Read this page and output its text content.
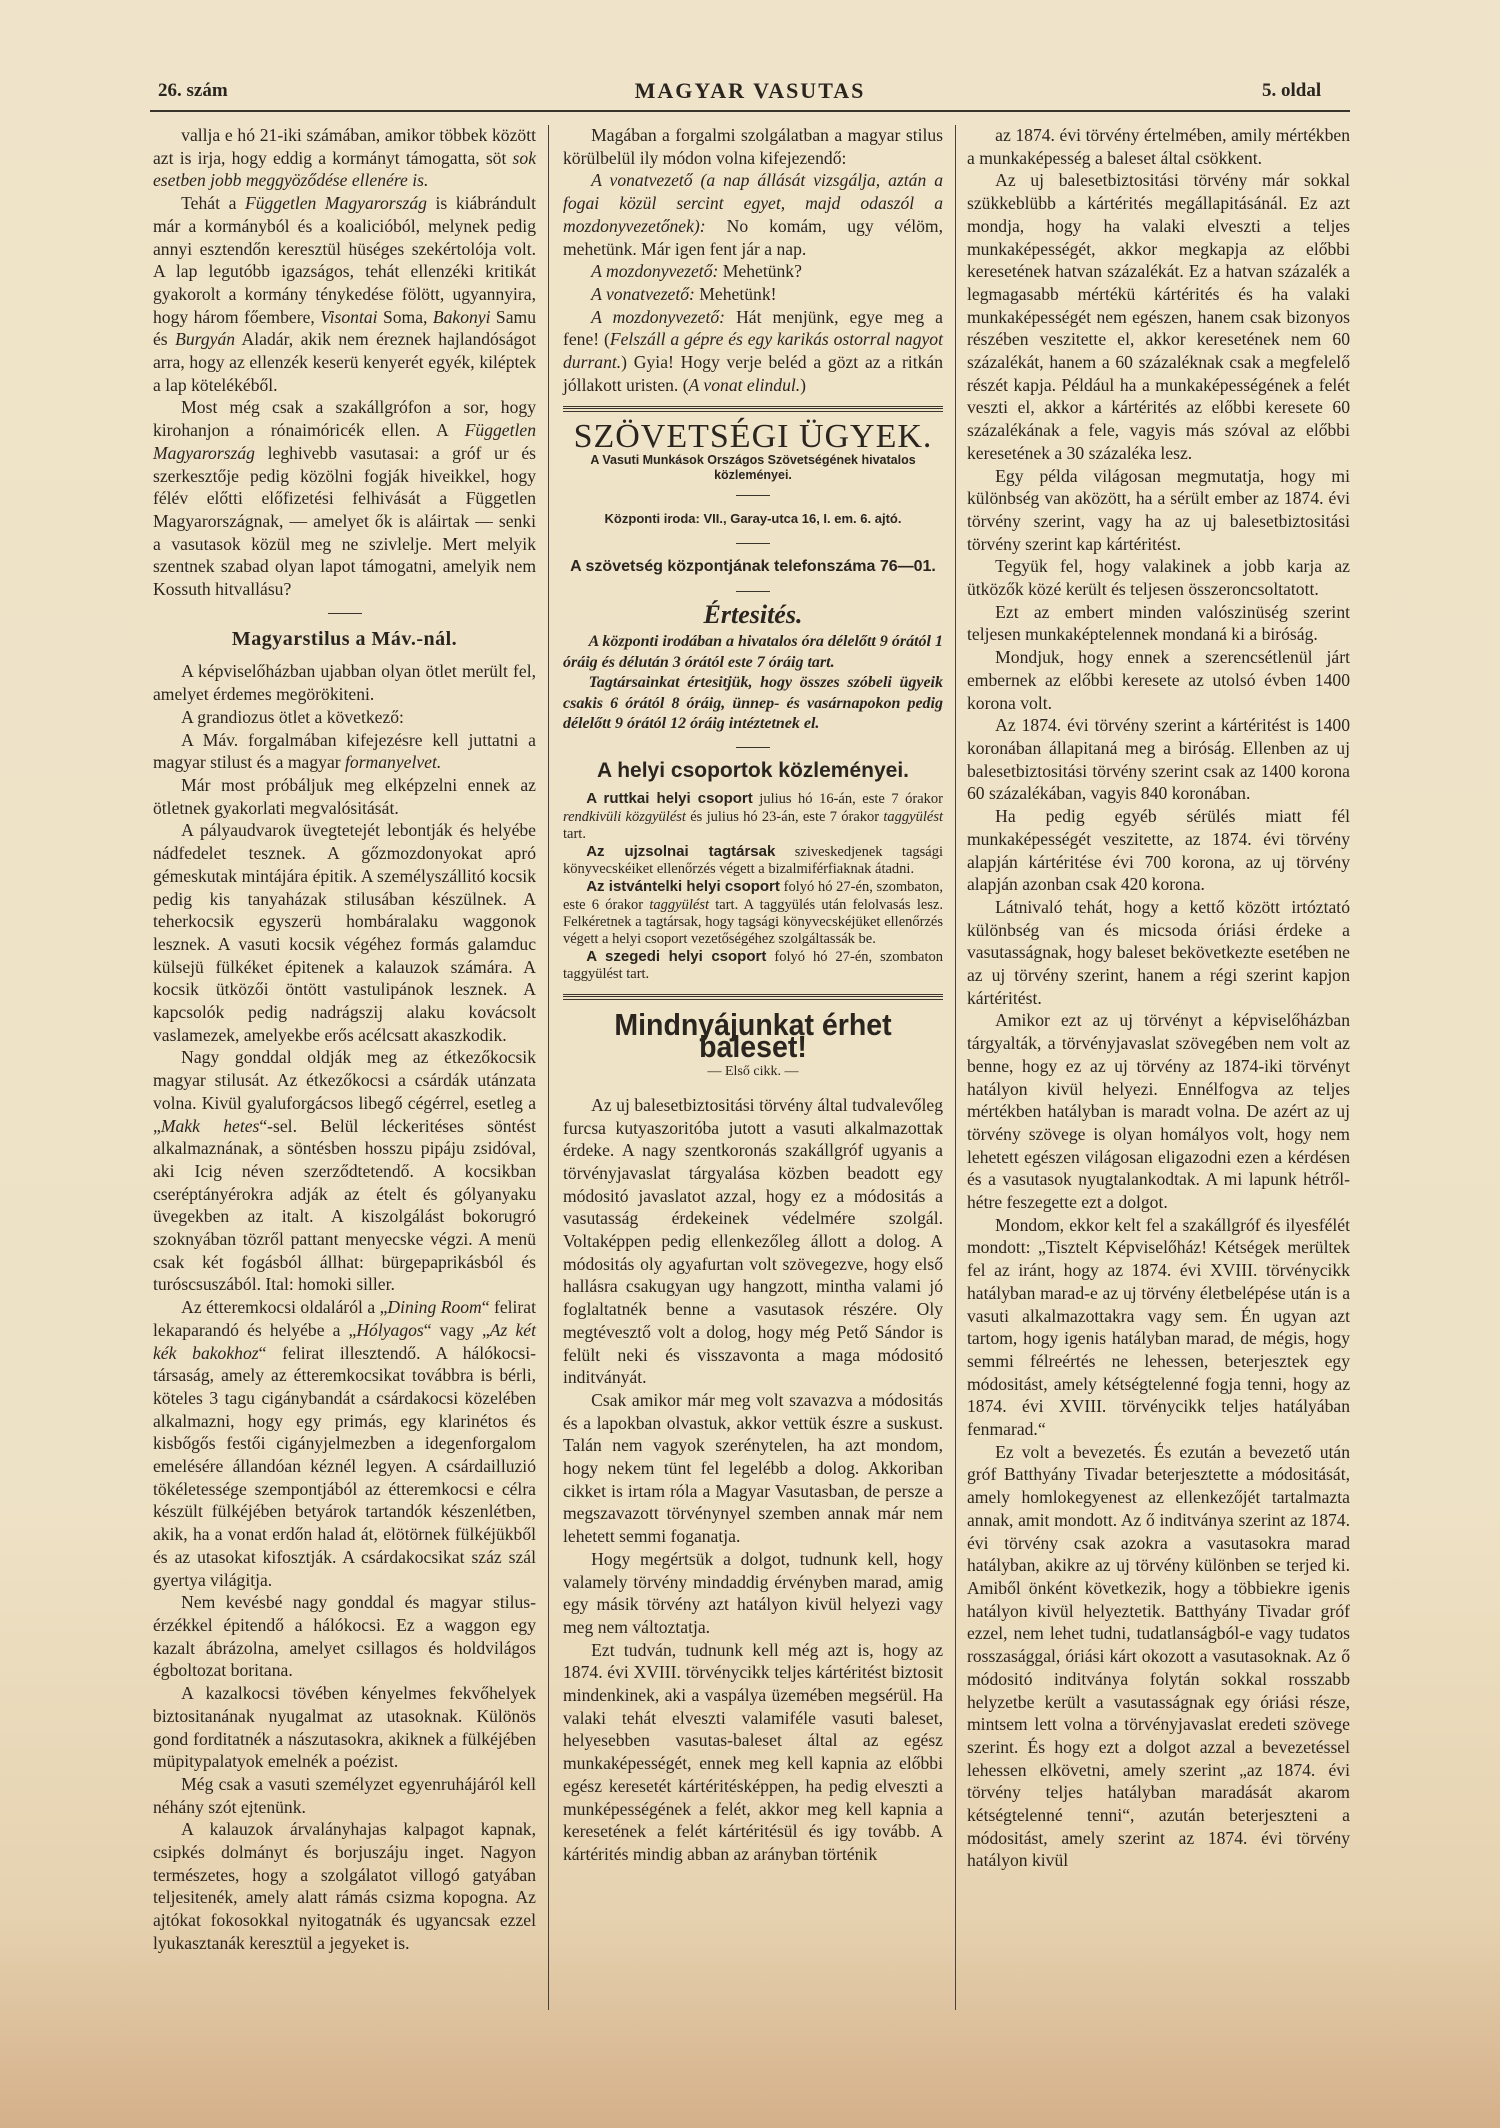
26. szám	MAGYAR VASUTAS	5. oldal

vallja e hó 21-iki számában, amikor többek között azt is irja, hogy eddig a kormányt támogatta, söt sok esetben jobb meggyöződése ellenére is.

Tehát a Független Magyarország is kiábrándult már a kormányból és a koalicióból, melynek pedig annyi esztendőn keresztül hüséges szekértolója volt. A lap legutóbb igazságos, tehát ellenzéki kritikát gyakorolt a kormány ténykedése fölött, ugyannyira, hogy három főembere, Visontai Soma, Bakonyi Samu és Burgyán Aladár, akik nem éreznek hajlandóságot arra, hogy az ellenzék keserü kenyerét egyék, kiléptek a lap kötelékéből.

Most még csak a szakállgrófon a sor, hogy kirohanjon a rónaimóricék ellen. A Független Magyarország leghivebb vasutasai: a gróf ur és szerkesztője pedig közölni fogják hiveikkel, hogy félév előtti előfizetési felhivását a Független Magyarországnak, — amelyet ők is aláirtak — senki a vasutasok közül meg ne szivlelje. Mert melyik szentnek szabad olyan lapot támogatni, amelyik nem Kossuth hitvallásu?

Magyarstilus a Máv.-nál.

A képviselőházban ujabban olyan ötlet merült fel, amelyet érdemes megörökiteni.

A grandiozus ötlet a következő:

A Máv. forgalmában kifejezésre kell juttatni a magyar stilust és a magyar formanyelvet.

Már most próbáljuk meg elképzelni ennek az ötletnek gyakorlati megvalósitását.

A pályaudvarok üvegtetejét lebontják és helyébe nádfedelet tesznek. A gőzmozdonyokat apró gémeskutak mintájára épitik. A személyszállitó kocsik pedig kis tanyaházak stilusában készülnek. A teherkocsik egyszerü hombáralaku waggonok lesznek. A vasuti kocsik végéhez formás galamduc külsejü fülkéket épitenek a kalauzok számára. A kocsik ütközői öntött vastulipánok lesznek. A kapcsolók pedig nadrágszij alaku kovácsolt vaslamezek, amelyekbe erős acélcsatt akaszkodik.

Nagy gonddal oldják meg az étkezőkocsik magyar stilusát. Az étkezőkocsi a csárdák utánzata volna. Kivül gyaluforgácsos libegő cégérrel, esetleg a „Makk hetes“-sel. Belül léckeritéses söntést alkalmaznának, a söntésben hosszu pipáju zsidóval, aki Icig néven szerződtetendő. A kocsikban cseréptányérokra adják az ételt és gólyanyaku üvegekben az italt. A kiszolgálást bokorugró szoknyában tözről pattant menyecske végzi. A menü csak két fogásból állhat: bürgepaprikásból és turóscsuszából. Ital: homoki siller.

Az étteremkocsi oldaláról a „Dining Room“ felirat lekaparandó és helyébe a „Hólyagos“ vagy „Az két kék bakokhoz“ felirat illesztendő. A hálókocsi-társaság, amely az étteremkocsikat továbbra is bérli, köteles 3 tagu cigánybandát a csárdakocsi közelében alkalmazni, hogy egy primás, egy klarinétos és kisbőgős festői cigányjelmezben a idegenforgalom emelésére állandóan kéznél legyen. A csárdailluzió tökéletessége szempontjából az étteremkocsi e célra készült fülkéjében betyárok tartandók készenlétben, akik, ha a vonat erdőn halad át, elötörnek fülkéjükből és az utasokat kifosztják. A csárdakocsikat száz szál gyertya világitja.

Nem kevésbé nagy gonddal és magyar stilus-érzékkel épitendő a hálókocsi. Ez a waggon egy kazalt ábrázolna, amelyet csillagos és holdvilágos égboltozat boritana.

A kazalkocsi tövében kényelmes fekvőhelyek biztositanának nyugalmat az utasoknak. Különös gond forditatnék a nászutasokra, akiknek a fülkéjében müpitypalatyok emelnék a poézist.

Még csak a vasuti személyzet egyenruhájáról kell néhány szót ejtenünk.

A kalauzok árvalányhajas kalpagot kapnak, csipkés dolmányt és borjuszáju inget. Nagyon természetes, hogy a szolgálatot villogó gatyában teljesitenék, amely alatt rámás csizma kopogna. Az ajtókat fokosokkal nyitogatnák és ugyancsak ezzel lyukasztanák keresztül a jegyeket is.

Magában a forgalmi szolgálatban a magyar stilus körülbelül ily módon volna kifejezendő:

A vonatvezető (a nap állását vizsgálja, aztán a fogai közül sercint egyet, majd odaszól a mozdonyvezetőnek): No komám, ugy vélöm, mehetünk. Már igen fent jár a nap.

A mozdonyvezető: Mehetünk?

A vonatvezető: Mehetünk!

A mozdonyvezető: Hát menjünk, egye meg a fene! (Felszáll a gépre és egy karikás ostorral nagyot durrant.) Gyia! Hogy verje beléd a gözt az a ritkán jóllakott uristen. (A vonat elindul.)

SZÖVETSÉGI ÜGYEK.
A Vasuti Munkások Országos Szövetségének hivatalos közleményei.
Központi iroda: VII., Garay-utca 16, I. em. 6. ajtó.
A szövetség központjának telefonszáma 76—01.
Értesités.

A központi irodában a hivatalos óra délelőtt 9 órától 1 óráig és délután 3 órától este 7 óráig tart.

Tagtársainkat értesitjük, hogy összes szóbeli ügyeik csakis 6 órától 8 óráig, ünnep- és vasárnapokon pedig délelőtt 9 órától 12 óráig intéztetnek el.

A helyi csoportok közleményei.

A ruttkai helyi csoport julius hó 16-án, este 7 órakor rendkivüli közgyülést és julius hó 23-án, este 7 órakor taggyülést tart.

Az ujzsolnai tagtársak sziveskedjenek tagsági könyvecskéiket ellenőrzés végett a bizalmiférfiaknak átadni.

Az istvántelki helyi csoport folyó hó 27-én, szombaton, este 6 órakor taggyülést tart. A taggyülés után felolvasás lesz. Felkéretnek a tagtársak, hogy tagsági könyvecskéjüket ellenőrzés végett a helyi csoport vezetőségéhez szolgáltassák be.

A szegedi helyi csoport folyó hó 27-én, szombaton taggyülést tart.

Mindnyájunkat érhet baleset!
— Első cikk. —

Az uj balesetbiztositási törvény által tudvalevőleg furcsa kutyaszoritóba jutott a vasuti alkalmazottak érdeke. A nagy szentkoronás szakállgróf ugyanis a törvényjavaslat tárgyalása közben beadott egy módositó javaslatot azzal, hogy ez a módositás a vasutasság érdekeinek védelmére szolgál. Voltaképpen pedig ellenkezőleg állott a dolog. A módositás oly agyafurtan volt szövegezve, hogy első hallásra csakugyan ugy hangzott, mintha valami jó foglaltatnék benne a vasutasok részére. Oly megtévesztő volt a dolog, hogy még Pető Sándor is felült neki és visszavonta a maga módositó inditványát.

Csak amikor már meg volt szavazva a módositás és a lapokban olvastuk, akkor vettük észre a suskust. Talán nem vagyok szerénytelen, ha azt mondom, hogy nekem tünt fel legelébb a dolog. Akkoriban cikket is irtam róla a Magyar Vasutasban, de persze a megszavazott törvénynyel szemben annak már nem lehetett semmi foganatja.

Hogy megértsük a dolgot, tudnunk kell, hogy valamely törvény mindaddig érvényben marad, amig egy másik törvény azt hatályon kivül helyezi vagy meg nem változtatja.

Ezt tudván, tudnunk kell még azt is, hogy az 1874. évi XVIII. törvénycikk teljes kártéritést biztosit mindenkinek, aki a vaspálya üzemében megsérül. Ha valaki tehát elveszti valamiféle vasuti baleset, helyesebben vasutas-baleset által az egész munkaképességét, ennek meg kell kapnia az előbbi egész keresetét kártéritésképpen, ha pedig elveszti a munképességének a felét, akkor meg kell kapnia a keresetének a felét kártéritésül és igy tovább. A kártérités mindig abban az arányban történik

az 1874. évi törvény értelmében, amily mértékben a munkaképesség a baleset által csökkent.

Az uj balesetbiztositási törvény már sokkal szükkeblübb a kártérités megállapitásánál. Ez azt mondja, hogy ha valaki elveszti a teljes munkaképességét, akkor megkapja az előbbi keresetének hatvan százalékát. Ez a hatvan százalék a legmagasabb mértékü kártérités és ha valaki munkaképességét nem egészen, hanem csak bizonyos részében veszitette el, akkor keresetének nem 60 százalékát, hanem a 60 százaléknak csak a megfelelő részét kapja. Például ha a munkaképességének a felét veszti el, akkor a kártérités az előbbi keresete 60 százalékának a fele, vagyis más szóval az előbbi keresetének a 30 százaléka lesz.

Egy példa világosan megmutatja, hogy mi különbség van aközött, ha a sérült ember az 1874. évi törvény szerint, vagy ha az uj balesetbiztositási törvény szerint kap kártéritést.

Tegyük fel, hogy valakinek a jobb karja az ütközők közé került és teljesen összeroncsoltatott.

Ezt az embert minden valószinüség szerint teljesen munkaképtelennek mondaná ki a biróság.

Mondjuk, hogy ennek a szerencsétlenül járt embernek az előbbi keresete az utolsó évben 1400 korona volt.

Az 1874. évi törvény szerint a kártéritést is 1400 koronában állapitaná meg a biróság. Ellenben az uj balesetbiztositási törvény szerint csak az 1400 korona 60 százalékában, vagyis 840 koronában.

Ha pedig egyéb sérülés miatt fél munkaképességét veszitette, az 1874. évi törvény alapján kártéritése évi 700 korona, az uj törvény alapján azonban csak 420 korona.

Látnivaló tehát, hogy a kettő között irtóztató különbség van és micsoda óriási érdeke a vasutasságnak, hogy baleset bekövetkezte esetében ne az uj törvény szerint, hanem a régi szerint kapjon kártéritést.

Amikor ezt az uj törvényt a képviselőházban tárgyalták, a törvényjavaslat szövegében nem volt az benne, hogy ez az uj törvény az 1874-iki törvényt hatályon kivül helyezi. Ennélfogva az teljes mértékben hatályban is maradt volna. De azért az uj törvény szövege is olyan homályos volt, hogy nem lehetett egészen világosan eligazodni ezen a kérdésen és a vasutasok nyugtalankodtak. A mi lapunk hétről-hétre feszegette ezt a dolgot.

Mondom, ekkor kelt fel a szakállgróf és ilyesfélét mondott: „Tisztelt Képviselőház! Kétségek merültek fel az iránt, hogy az 1874. évi XVIII. törvénycikk hatályban marad-e az uj törvény életbelépése után is a vasuti alkalmazottakra vagy sem. Én ugyan azt tartom, hogy igenis hatályban marad, de mégis, hogy semmi félreértés ne lehessen, beterjesztek egy módositást, amely kétségtelenné fogja tenni, hogy az 1874. évi XVIII. törvénycikk teljes hatályában fenmarad.“

Ez volt a bevezetés. És ezután a bevezető után gróf Batthyány Tivadar beterjesztette a módositását, amely homlokegyenest az ellenkezőjét tartalmazta annak, amit mondott. Az ő inditványa szerint az 1874. évi törvény csak azokra a vasutasokra marad hatályban, akikre az uj törvény különben se terjed ki. Amiből önként következik, hogy a többiekre igenis hatályon kivül helyeztetik. Batthyány Tivadar gróf ezzel, nem lehet tudni, tudatlanságból-e vagy tudatos rosszasággal, óriási kárt okozott a vasutasoknak. Az ő módositó inditványa folytán sokkal rosszabb helyzetbe került a vasutasságnak egy óriási része, mintsem lett volna a törvényjavaslat eredeti szövege szerint. És hogy ezt a dolgot azzal a bevezetéssel lehessen elkövetni, amely szerint „az 1874. évi törvény teljes hatályban maradását akarom kétségtelenné tenni“, azután beterjeszteni a módositást, amely szerint az 1874. évi törvény hatályon kivül
